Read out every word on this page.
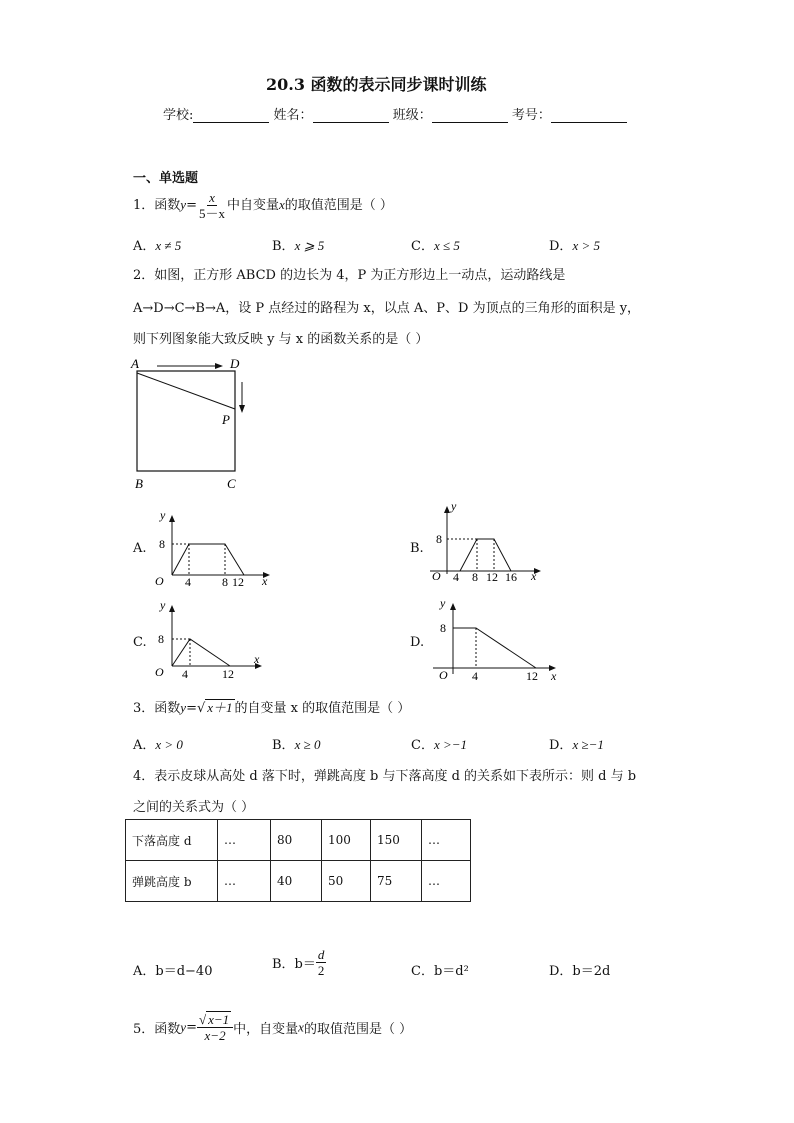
20.3 函数的表示同步课时训练
学校:	姓名：	班级：	考号：
一、单选题
1．函数$y= \frac{x}{5-x}$ 中自变量x的取值范围是（ ）
A．x ≠ 5	B．x ⩾ 5	C．x ≤ 5	D．x > 5
2．如图，正方形 ABCD 的边长为 4，P 为正方形边上一动点，运动路线是
A→D→C→B→A，设 P 点经过的路程为 x，以点 A、P、D 为顶点的三角形的面积是 y，
则下列图象能大致反映 y 与 x 的函数关系的是（ ）
A	D
P
B	C
A.	B.
C.	D.
y
x
O
8
4	8 12
y
x
O
8
4 8 12 16
y
x
O
8
4	12
y
x
O
8
4	12
3．函数y=√ x＋1 的自变量 x 的取值范围是（ ）
A．x > 0	B．x ≥ 0	C．x >−1	D．x ≥−1
4．表示皮球从高处 d 落下时，弹跳高度 b 与下落高度 d 的关系如下表所示：则 d 与 b
之间的关系式为（ ）
下落高度 d	…	80	100	150	…
弹跳高度 b	…	40	50	75	…
A．b＝d−40	B．$b= \frac{d}{2}$	C．b＝d²	D．b＝2d
5．函数$y= \frac{√ x-1}{x-2}$ 中，自变量x的取值范围是（ ）
